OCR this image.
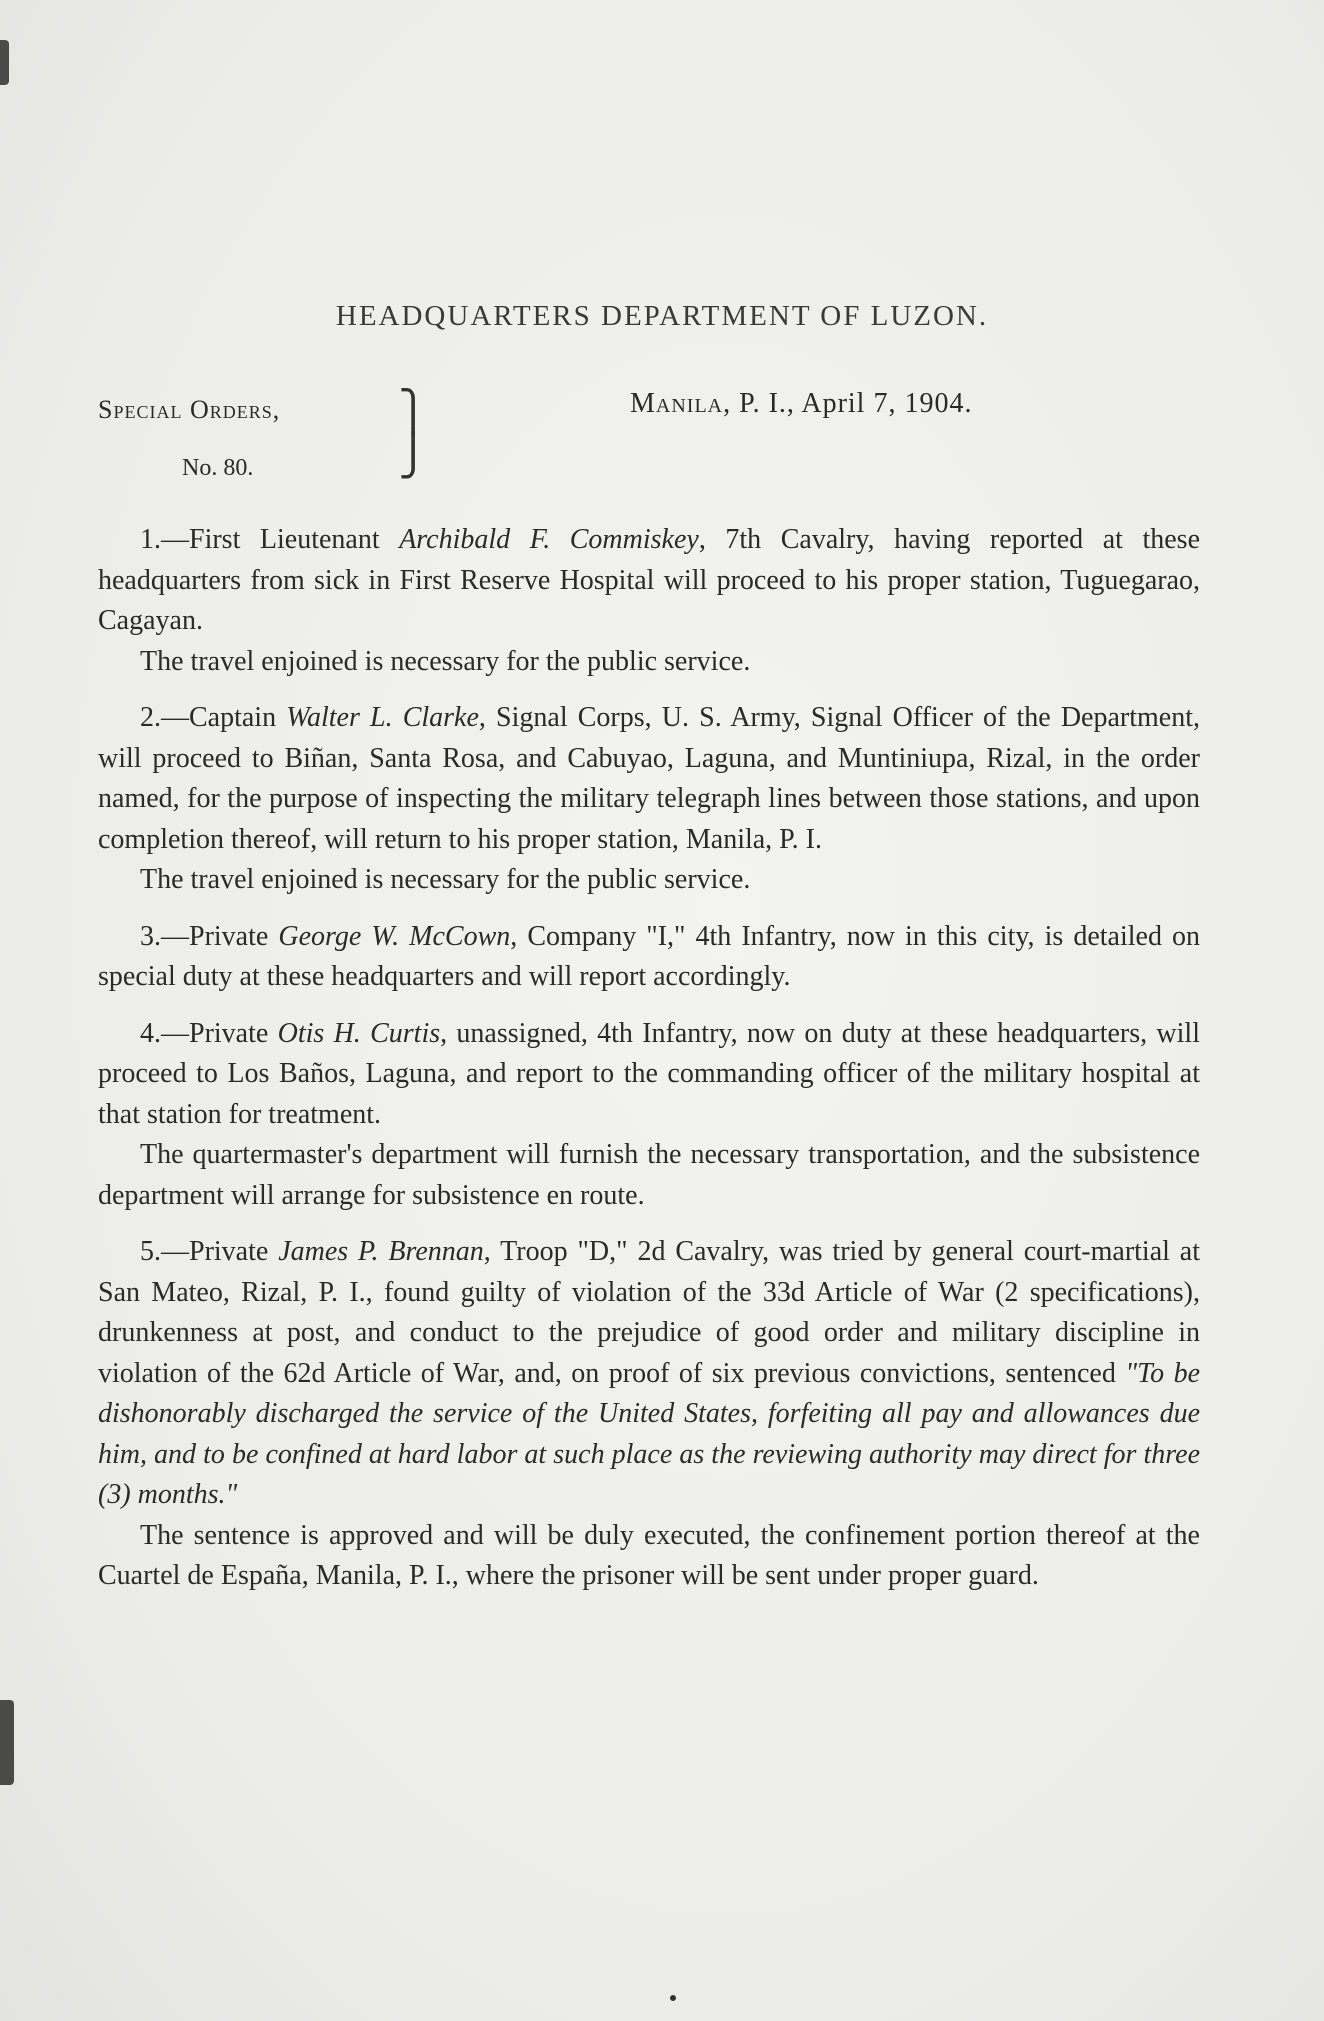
HEADQUARTERS DEPARTMENT OF LUZON.
Special Orders,
No. 80.
⎫
⎭
Manila, P. I., April 7, 1904.

1.—First Lieutenant Archibald F. Commiskey, 7th Cavalry, having reported at these headquarters from sick in First Reserve Hospital will proceed to his proper station, Tuguegarao, Cagayan.

The travel enjoined is necessary for the public service.

2.—Captain Walter L. Clarke, Signal Corps, U. S. Army, Signal Officer of the Department, will proceed to Biñan, Santa Rosa, and Cabuyao, Laguna, and Muntiniupa, Rizal, in the order named, for the purpose of inspecting the military telegraph lines between those stations, and upon completion thereof, will return to his proper station, Manila, P. I.

The travel enjoined is necessary for the public service.

3.—Private George W. McCown, Company "I," 4th Infantry, now in this city, is detailed on special duty at these headquarters and will report accordingly.

4.—Private Otis H. Curtis, unassigned, 4th Infantry, now on duty at these headquarters, will proceed to Los Baños, Laguna, and report to the commanding officer of the military hospital at that station for treatment.

The quartermaster's department will furnish the necessary transportation, and the subsistence department will arrange for subsistence en route.

5.—Private James P. Brennan, Troop "D," 2d Cavalry, was tried by general court-martial at San Mateo, Rizal, P. I., found guilty of violation of the 33d Article of War (2 specifications), drunkenness at post, and conduct to the prejudice of good order and military discipline in violation of the 62d Article of War, and, on proof of six previous convictions, sentenced "To be dishonorably discharged the service of the United States, forfeiting all pay and allowances due him, and to be confined at hard labor at such place as the reviewing authority may direct for three (3) months."

The sentence is approved and will be duly executed, the confinement portion thereof at the Cuartel de España, Manila, P. I., where the prisoner will be sent under proper guard.
